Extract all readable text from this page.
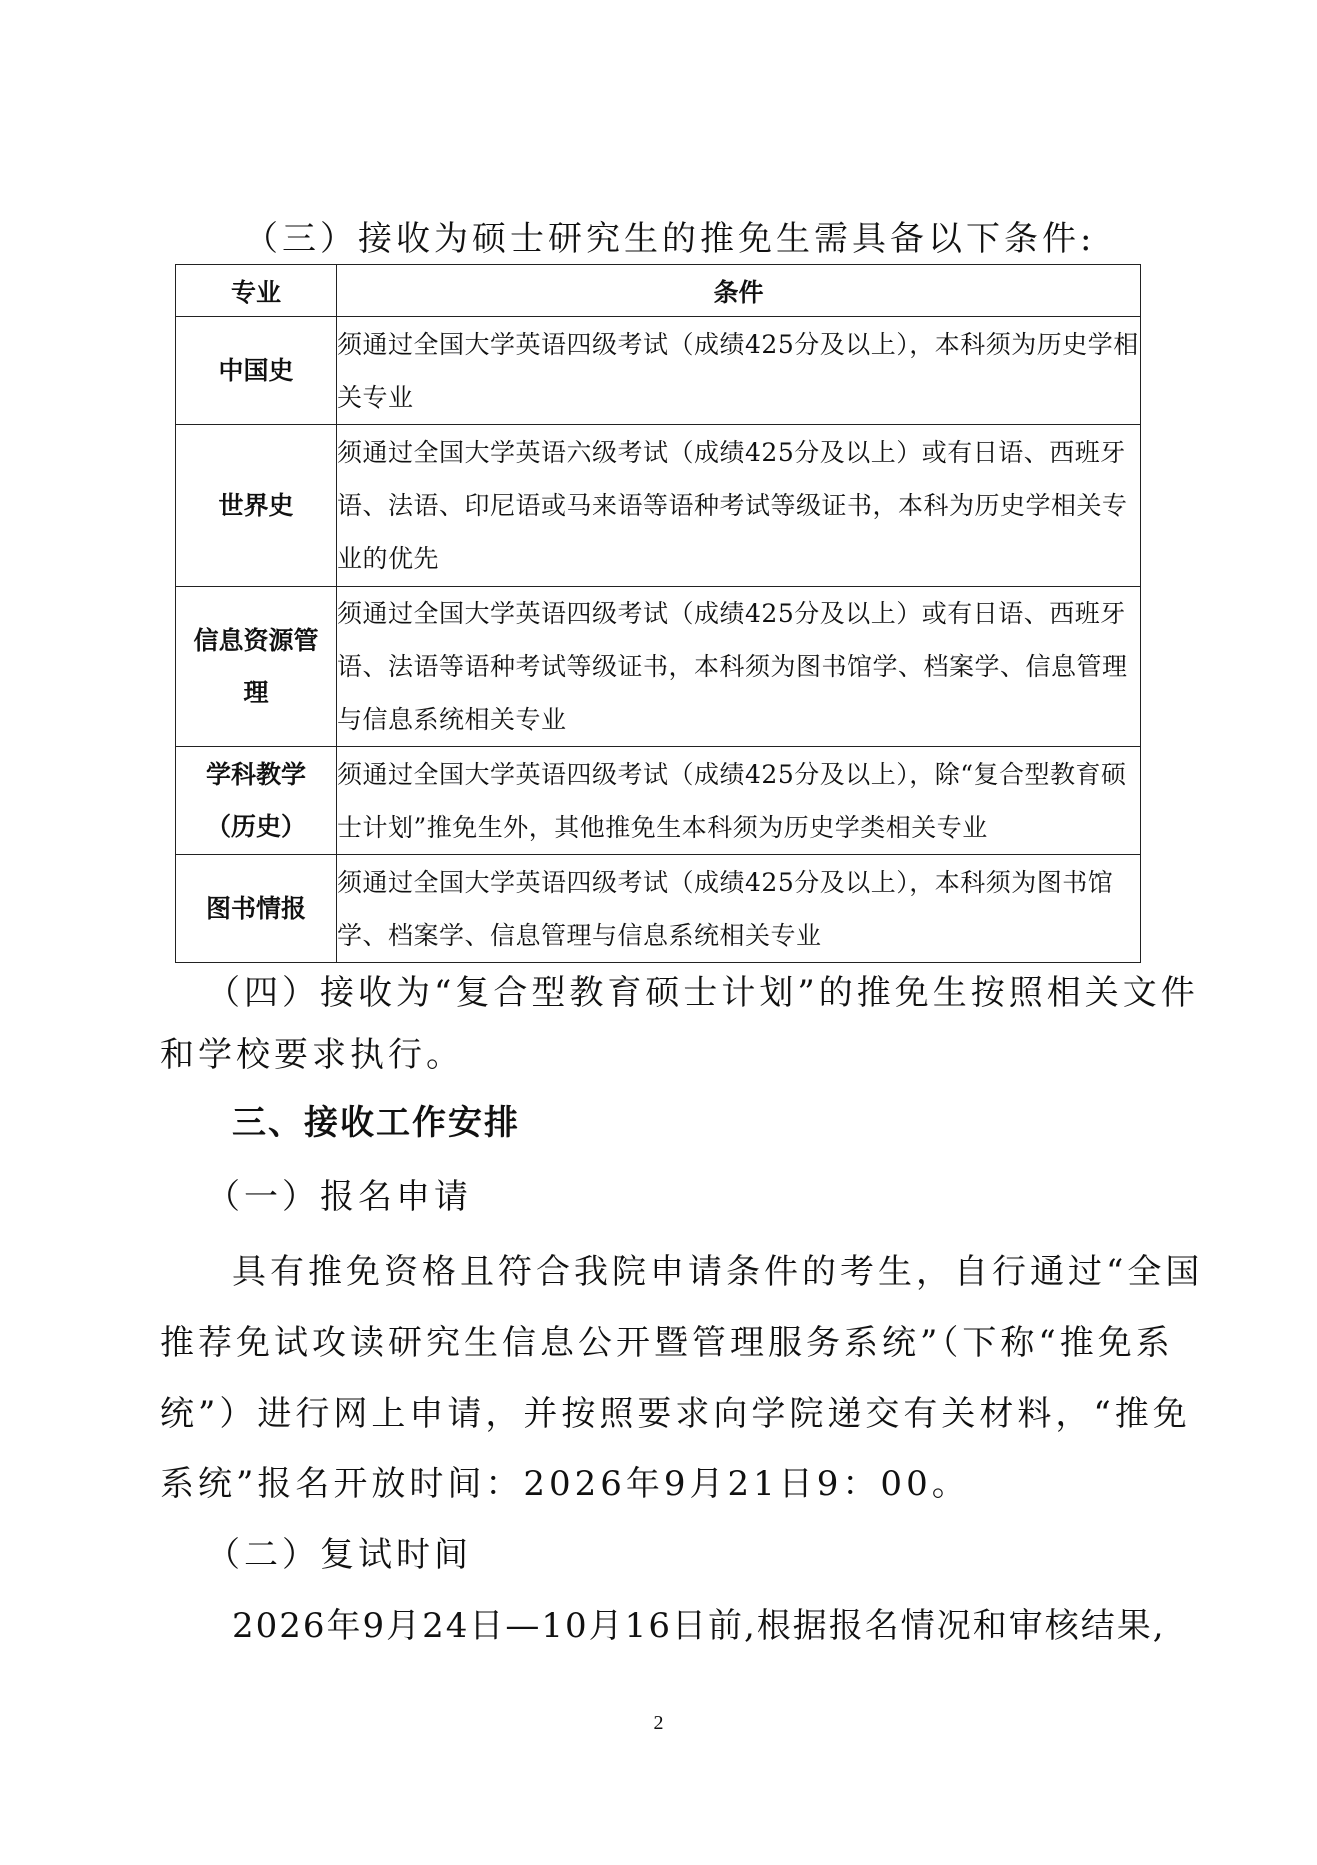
（三）接收为硕士研究生的推免生需具备以下条件:

专业	条件
中国史	须通过全国大学英语四级考试（成绩425分及以上），本科须为历史学相关专业
世界史	须通过全国大学英语六级考试（成绩425分及以上）或有日语、西班牙语、法语、印尼语或马来语等语种考试等级证书，本科为历史学相关专业的优先
信息资源管理	须通过全国大学英语四级考试（成绩425分及以上）或有日语、西班牙语、法语等语种考试等级证书，本科须为图书馆学、档案学、信息管理与信息系统相关专业
学科教学（历史）	须通过全国大学英语四级考试（成绩425分及以上），除“复合型教育硕士计划”推免生外，其他推免生本科须为历史学类相关专业
图书情报	须通过全国大学英语四级考试（成绩425分及以上），本科须为图书馆学、档案学、信息管理与信息系统相关专业

（四）接收为“复合型教育硕士计划”的推免生按照相关文件

和学校要求执行。

三、接收工作安排

（一）报名申请

具有推免资格且符合我院申请条件的考生，自行通过“全国

推荐免试攻读研究生信息公开暨管理服务系统”（下称“推免系

统”）进行网上申请，并按照要求向学院递交有关材料，“推免

系统”报名开放时间：2026年9月21日9：00。

（二）复试时间

2026年9月24日—10月16日前,根据报名情况和审核结果,

2
